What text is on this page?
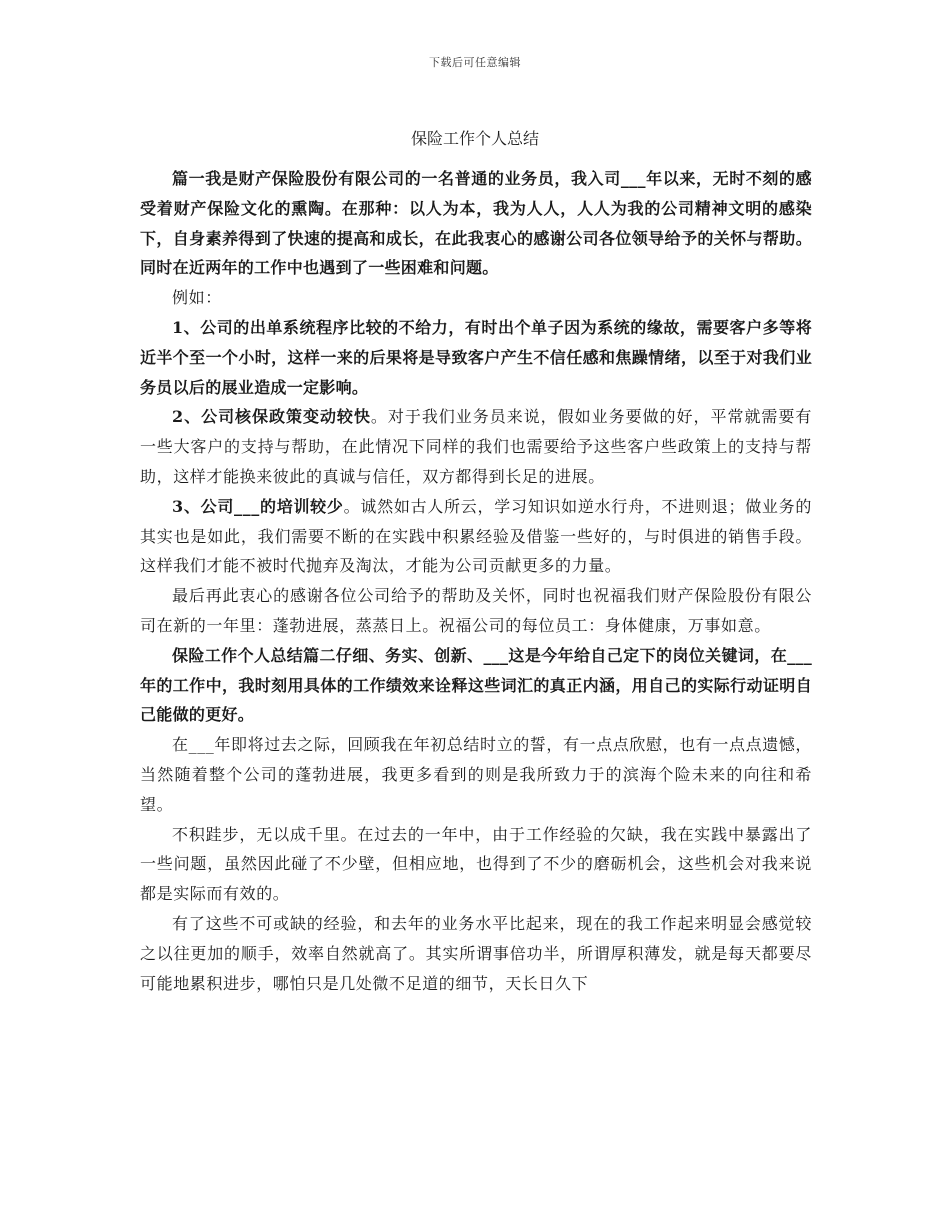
下载后可任意编辑
保险工作个人总结

篇一我是财产保险股份有限公司的一名普通的业务员，我入司___年以来，无时不刻的感受着财产保险文化的熏陶。在那种：以人为本，我为人人，人人为我的公司精神文明的感染下，自身素养得到了快速的提高和成长，在此我衷心的感谢公司各位领导给予的关怀与帮助。同时在近两年的工作中也遇到了一些困难和问题。

例如：

1、公司的出单系统程序比较的不给力，有时出个单子因为系统的缘故，需要客户多等将近半个至一个小时，这样一来的后果将是导致客户产生不信任感和焦躁情绪，以至于对我们业务员以后的展业造成一定影响。

2、公司核保政策变动较快。对于我们业务员来说，假如业务要做的好，平常就需要有一些大客户的支持与帮助，在此情况下同样的我们也需要给予这些客户些政策上的支持与帮助，这样才能换来彼此的真诚与信任，双方都得到长足的进展。

3、公司___的培训较少。诚然如古人所云，学习知识如逆水行舟，不进则退；做业务的其实也是如此，我们需要不断的在实践中积累经验及借鉴一些好的，与时俱进的销售手段。这样我们才能不被时代抛弃及淘汰，才能为公司贡献更多的力量。

最后再此衷心的感谢各位公司给予的帮助及关怀，同时也祝福我们财产保险股份有限公司在新的一年里：蓬勃进展，蒸蒸日上。祝福公司的每位员工：身体健康，万事如意。

保险工作个人总结篇二仔细、务实、创新、___这是今年给自己定下的岗位关键词，在___年的工作中，我时刻用具体的工作绩效来诠释这些词汇的真正内涵，用自己的实际行动证明自己能做的更好。

在___年即将过去之际，回顾我在年初总结时立的誓，有一点点欣慰，也有一点点遗憾，当然随着整个公司的蓬勃进展，我更多看到的则是我所致力于的滨海个险未来的向往和希望。

不积跬步，无以成千里。在过去的一年中，由于工作经验的欠缺，我在实践中暴露出了一些问题，虽然因此碰了不少壁，但相应地，也得到了不少的磨砺机会，这些机会对我来说都是实际而有效的。

有了这些不可或缺的经验，和去年的业务水平比起来，现在的我工作起来明显会感觉较之以往更加的顺手，效率自然就高了。其实所谓事倍功半，所谓厚积薄发，就是每天都要尽可能地累积进步，哪怕只是几处微不足道的细节，天长日久下
